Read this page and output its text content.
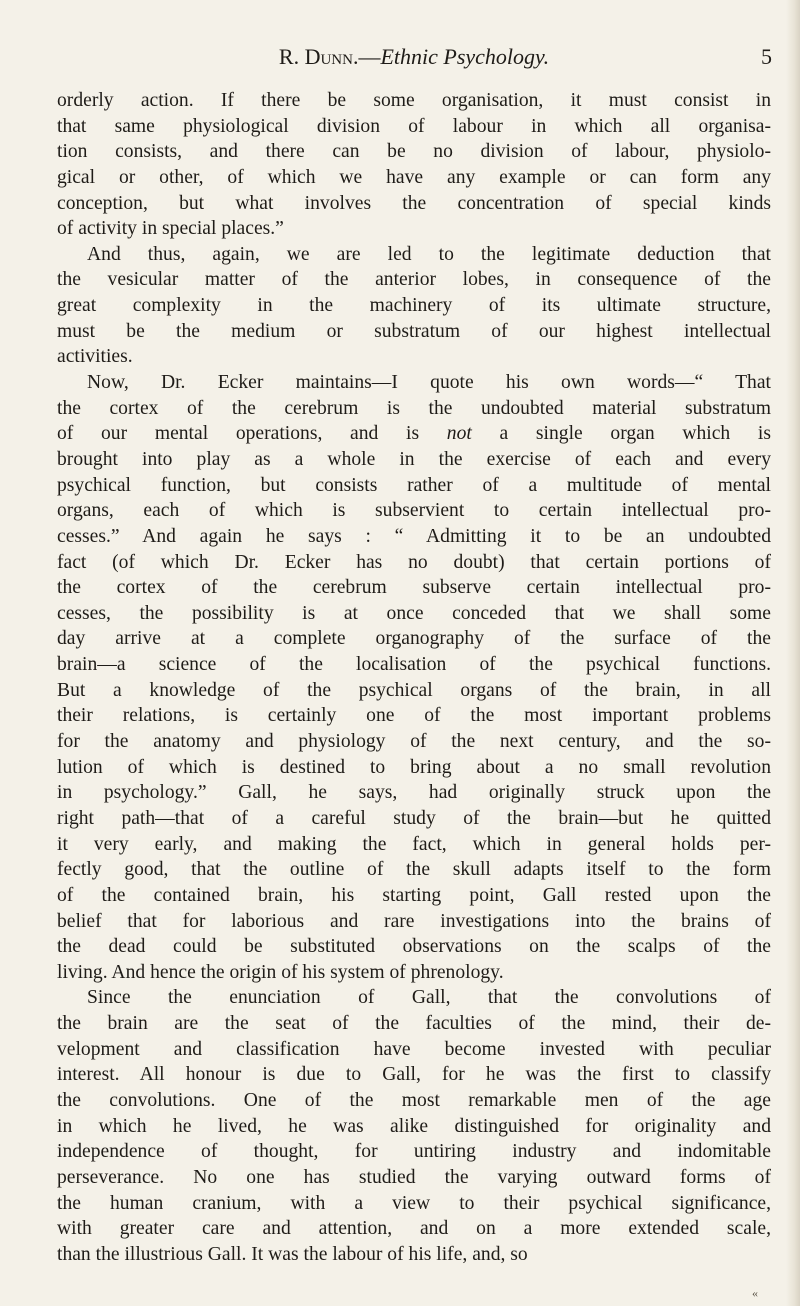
R. Dunn.—Ethnic Psychology.	5
orderly action. If there be some organisation, it must consist in
that same physiological division of labour in which all organisa-
tion consists, and there can be no division of labour, physiolo-
gical or other, of which we have any example or can form any
conception, but what involves the concentration of special kinds
of activity in special places.”
And thus, again, we are led to the legitimate deduction that
the vesicular matter of the anterior lobes, in consequence of the
great complexity in the machinery of its ultimate structure,
must be the medium or substratum of our highest intellectual
activities.
Now, Dr. Ecker maintains—I quote his own words—“ That
the cortex of the cerebrum is the undoubted material substratum
of our mental operations, and is not a single organ which is
brought into play as a whole in the exercise of each and every
psychical function, but consists rather of a multitude of mental
organs, each of which is subservient to certain intellectual pro-
cesses.” And again he says : “ Admitting it to be an undoubted
fact (of which Dr. Ecker has no doubt) that certain portions of
the cortex of the cerebrum subserve certain intellectual pro-
cesses, the possibility is at once conceded that we shall some
day arrive at a complete organography of the surface of the
brain—a science of the localisation of the psychical functions.
But a knowledge of the psychical organs of the brain, in all
their relations, is certainly one of the most important problems
for the anatomy and physiology of the next century, and the so-
lution of which is destined to bring about a no small revolution
in psychology.” Gall, he says, had originally struck upon the
right path—that of a careful study of the brain—but he quitted
it very early, and making the fact, which in general holds per-
fectly good, that the outline of the skull adapts itself to the form
of the contained brain, his starting point, Gall rested upon the
belief that for laborious and rare investigations into the brains of
the dead could be substituted observations on the scalps of the
living. And hence the origin of his system of phrenology.
Since the enunciation of Gall, that the convolutions of
the brain are the seat of the faculties of the mind, their de-
velopment and classification have become invested with peculiar
interest. All honour is due to Gall, for he was the first to classify
the convolutions. One of the most remarkable men of the age
in which he lived, he was alike distinguished for originality and
independence of thought, for untiring industry and indomitable
perseverance. No one has studied the varying outward forms of
the human cranium, with a view to their psychical significance,
with greater care and attention, and on a more extended scale,
than the illustrious Gall. It was the labour of his life, and, so
«
